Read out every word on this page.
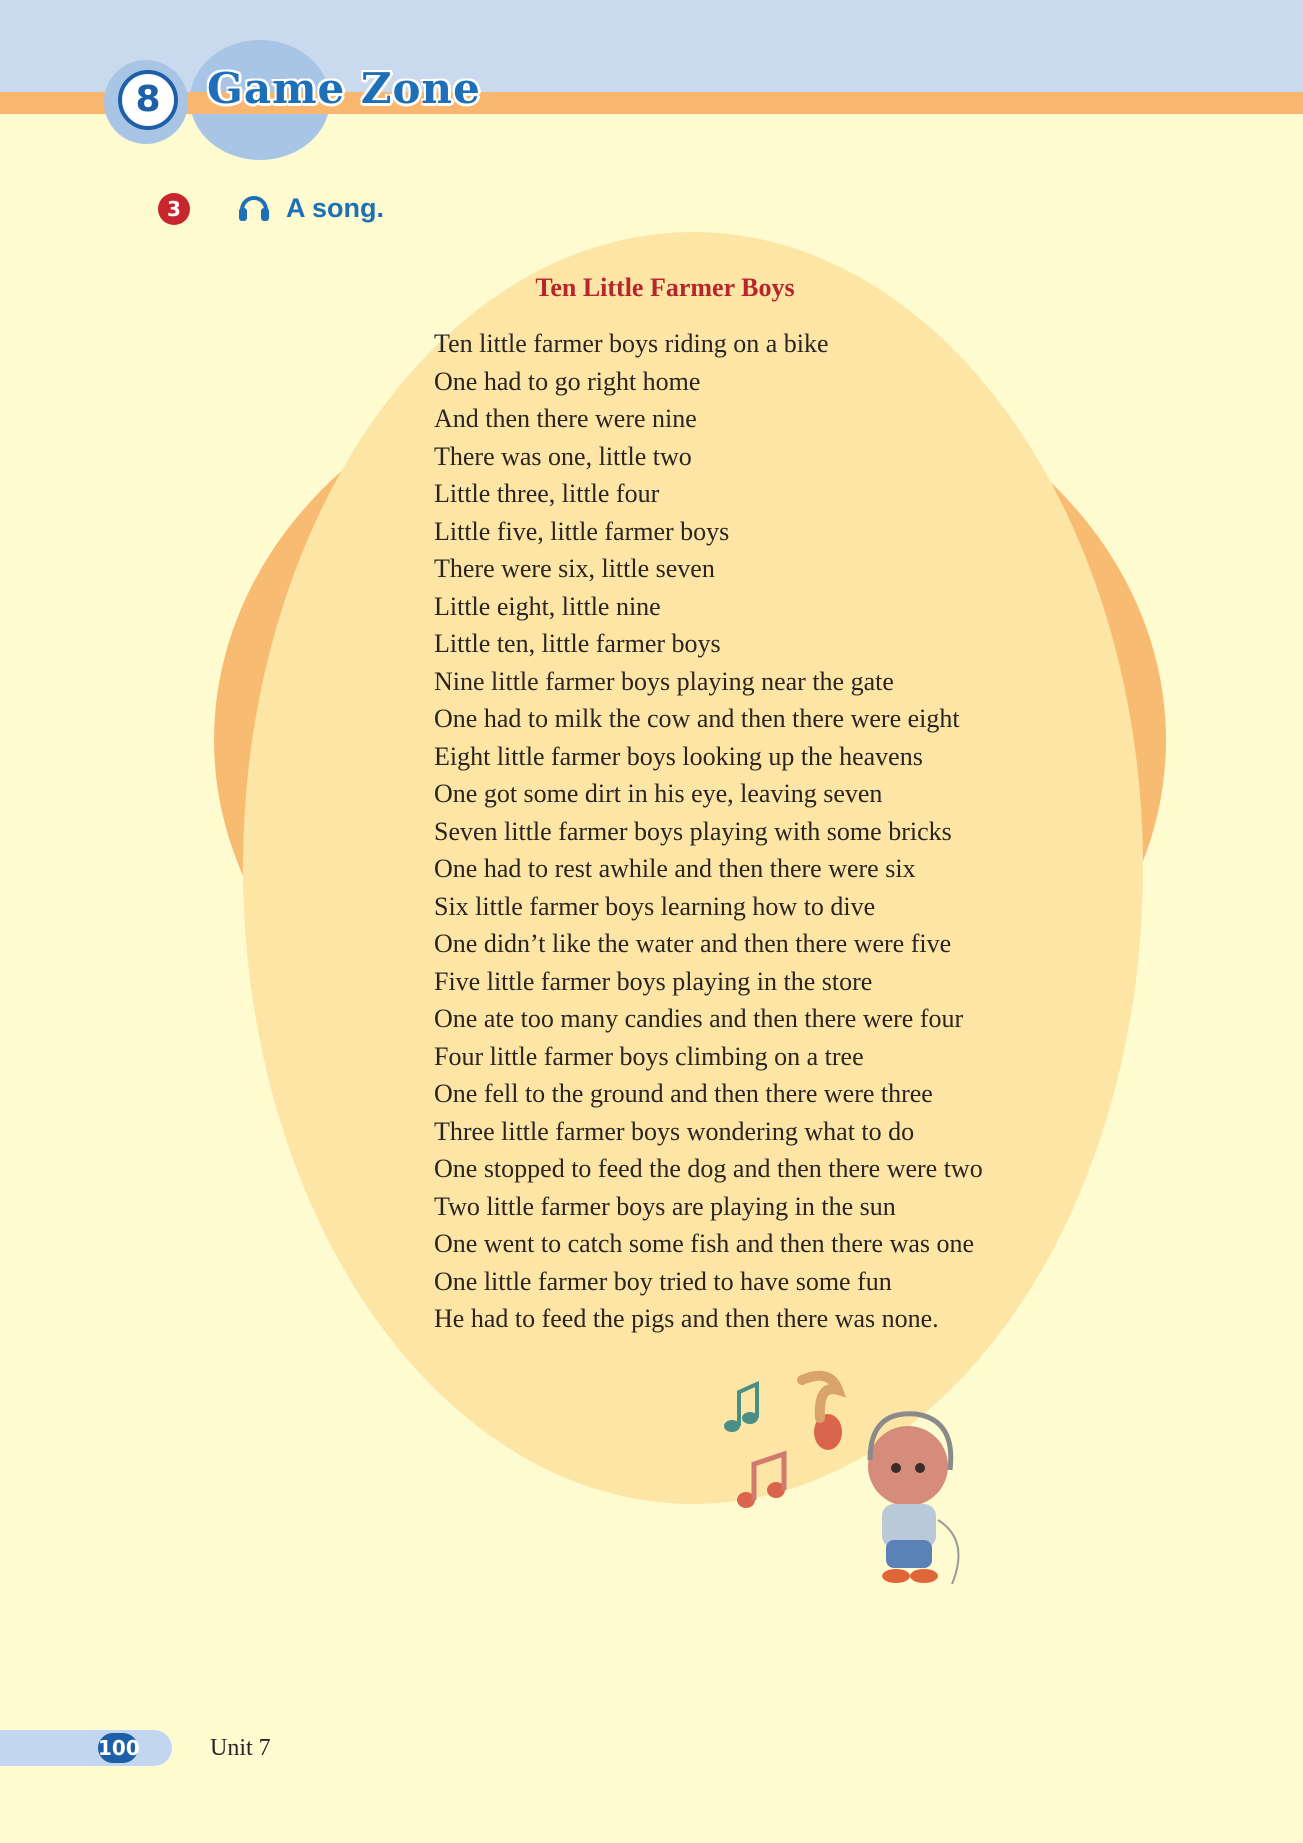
8	Game Zone
3	A song.
Ten Little Farmer Boys
Ten little farmer boys riding on a bike
One had to go right home
And then there were nine
There was one, little two
Little three, little four
Little five, little farmer boys
There were six, little seven
Little eight, little nine
Little ten, little farmer boys
Nine little farmer boys playing near the gate
One had to milk the cow and then there were eight
Eight little farmer boys looking up the heavens
One got some dirt in his eye, leaving seven
Seven little farmer boys playing with some bricks
One had to rest awhile and then there were six
Six little farmer boys learning how to dive
One didn’t like the water and then there were five
Five little farmer boys playing in the store
One ate too many candies and then there were four
Four little farmer boys climbing on a tree
One fell to the ground and then there were three
Three little farmer boys wondering what to do
One stopped to feed the dog and then there were two
Two little farmer boys are playing in the sun
One went to catch some fish and then there was one
One little farmer boy tried to have some fun
He had to feed the pigs and then there was none.
100	Unit 7
